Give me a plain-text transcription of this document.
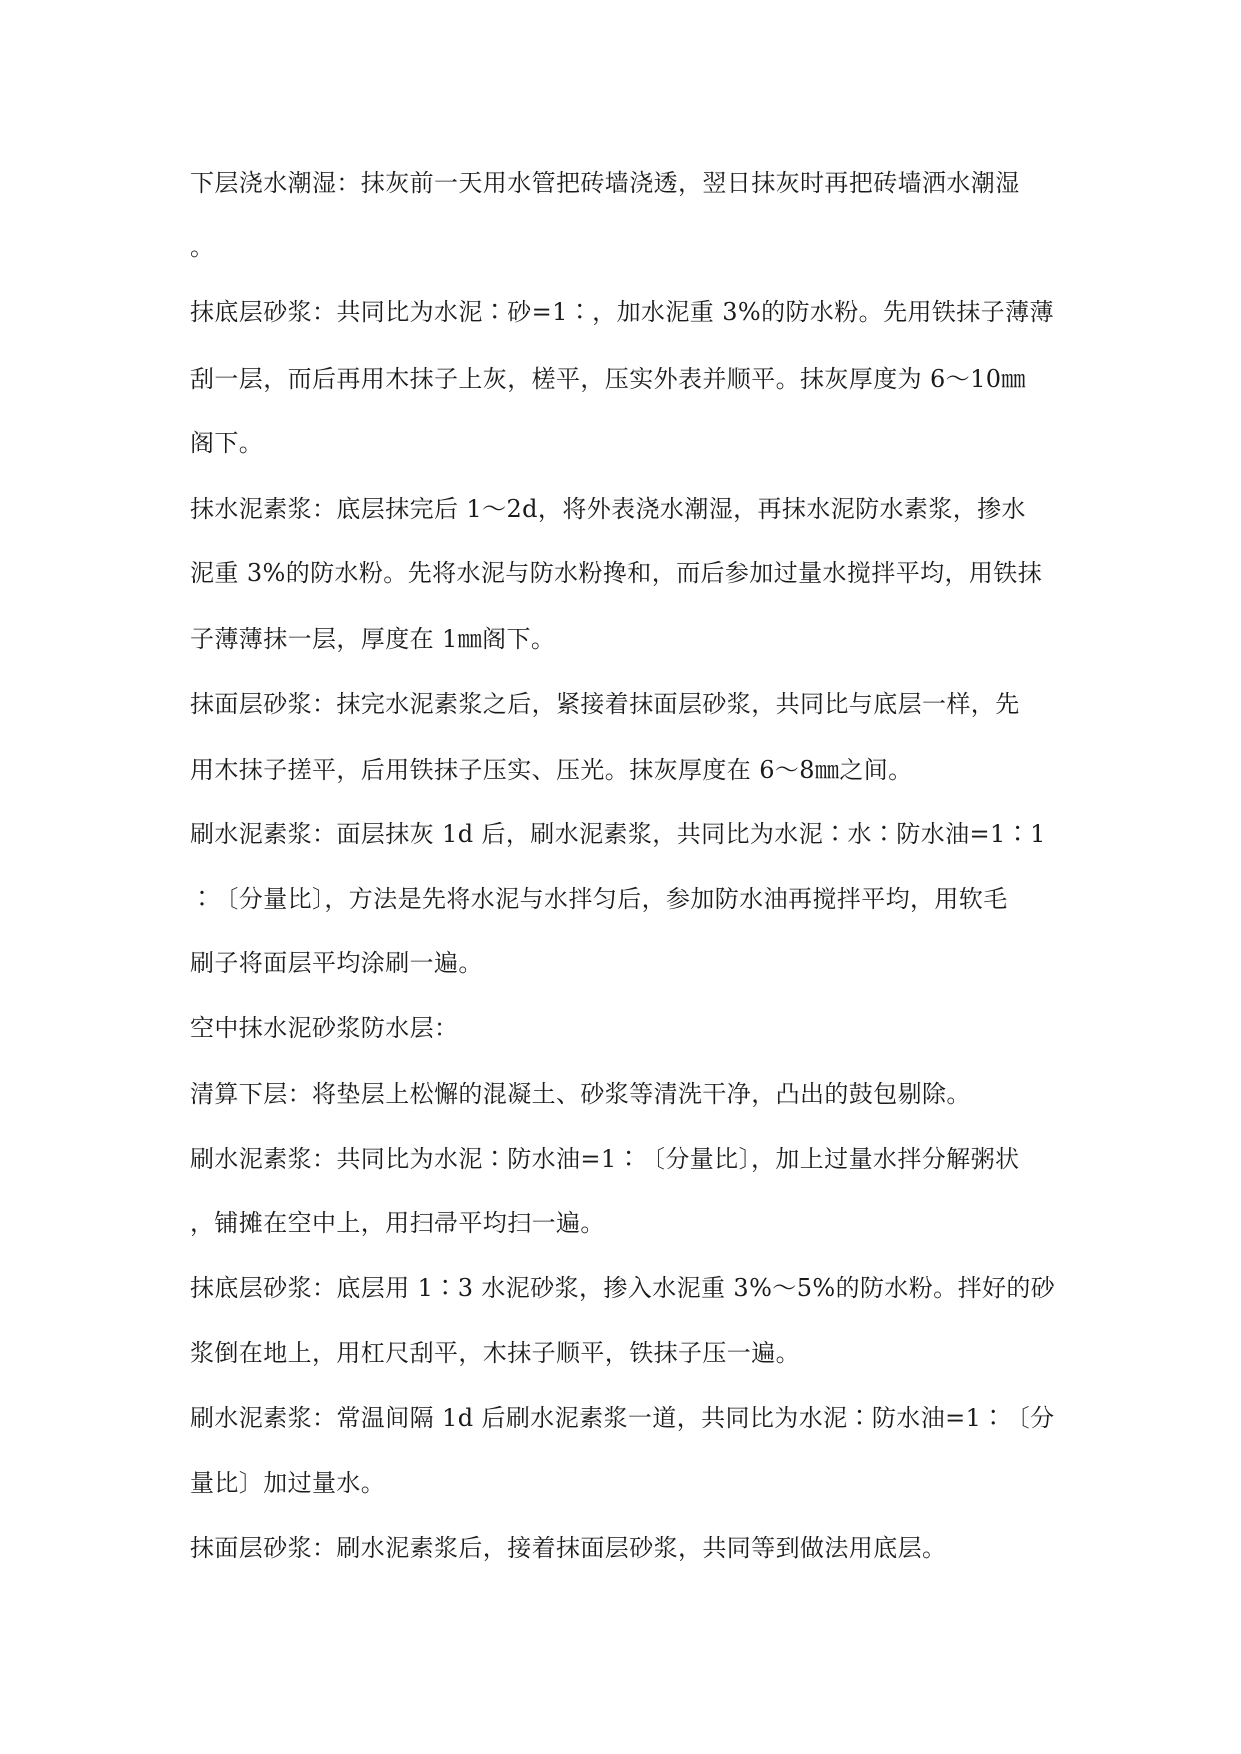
下层浇水潮湿：抹灰前一天用水管把砖墙浇透，翌日抹灰时再把砖墙洒水潮湿
。
抹底层砂浆：共同比为水泥∶砂=1∶，加水泥重 3%的防水粉。先用铁抹子薄薄
刮一层，而后再用木抹子上灰，槎平，压实外表并顺平。抹灰厚度为 6～10㎜
阁下。
抹水泥素浆：底层抹完后 1～2d，将外表浇水潮湿，再抹水泥防水素浆，掺水
泥重 3%的防水粉。先将水泥与防水粉搀和，而后参加过量水搅拌平均，用铁抹
子薄薄抹一层，厚度在 1㎜阁下。
抹面层砂浆：抹完水泥素浆之后，紧接着抹面层砂浆，共同比与底层一样，先
用木抹子搓平，后用铁抹子压实、压光。抹灰厚度在 6～8㎜之间。
刷水泥素浆：面层抹灰 1d 后，刷水泥素浆，共同比为水泥∶水∶防水油=1∶1
∶〔分量比〕，方法是先将水泥与水拌匀后，参加防水油再搅拌平均，用软毛
刷子将面层平均涂刷一遍。
空中抹水泥砂浆防水层：
清算下层：将垫层上松懈的混凝土、砂浆等清洗干净，凸出的鼓包剔除。
刷水泥素浆：共同比为水泥∶防水油=1∶〔分量比〕，加上过量水拌分解粥状
，铺摊在空中上，用扫帚平均扫一遍。
抹底层砂浆：底层用 1∶3 水泥砂浆，掺入水泥重 3%～5%的防水粉。拌好的砂
浆倒在地上，用杠尺刮平，木抹子顺平，铁抹子压一遍。
刷水泥素浆：常温间隔 1d 后刷水泥素浆一道，共同比为水泥∶防水油=1∶〔分
量比〕加过量水。
抹面层砂浆：刷水泥素浆后，接着抹面层砂浆，共同等到做法用底层。
